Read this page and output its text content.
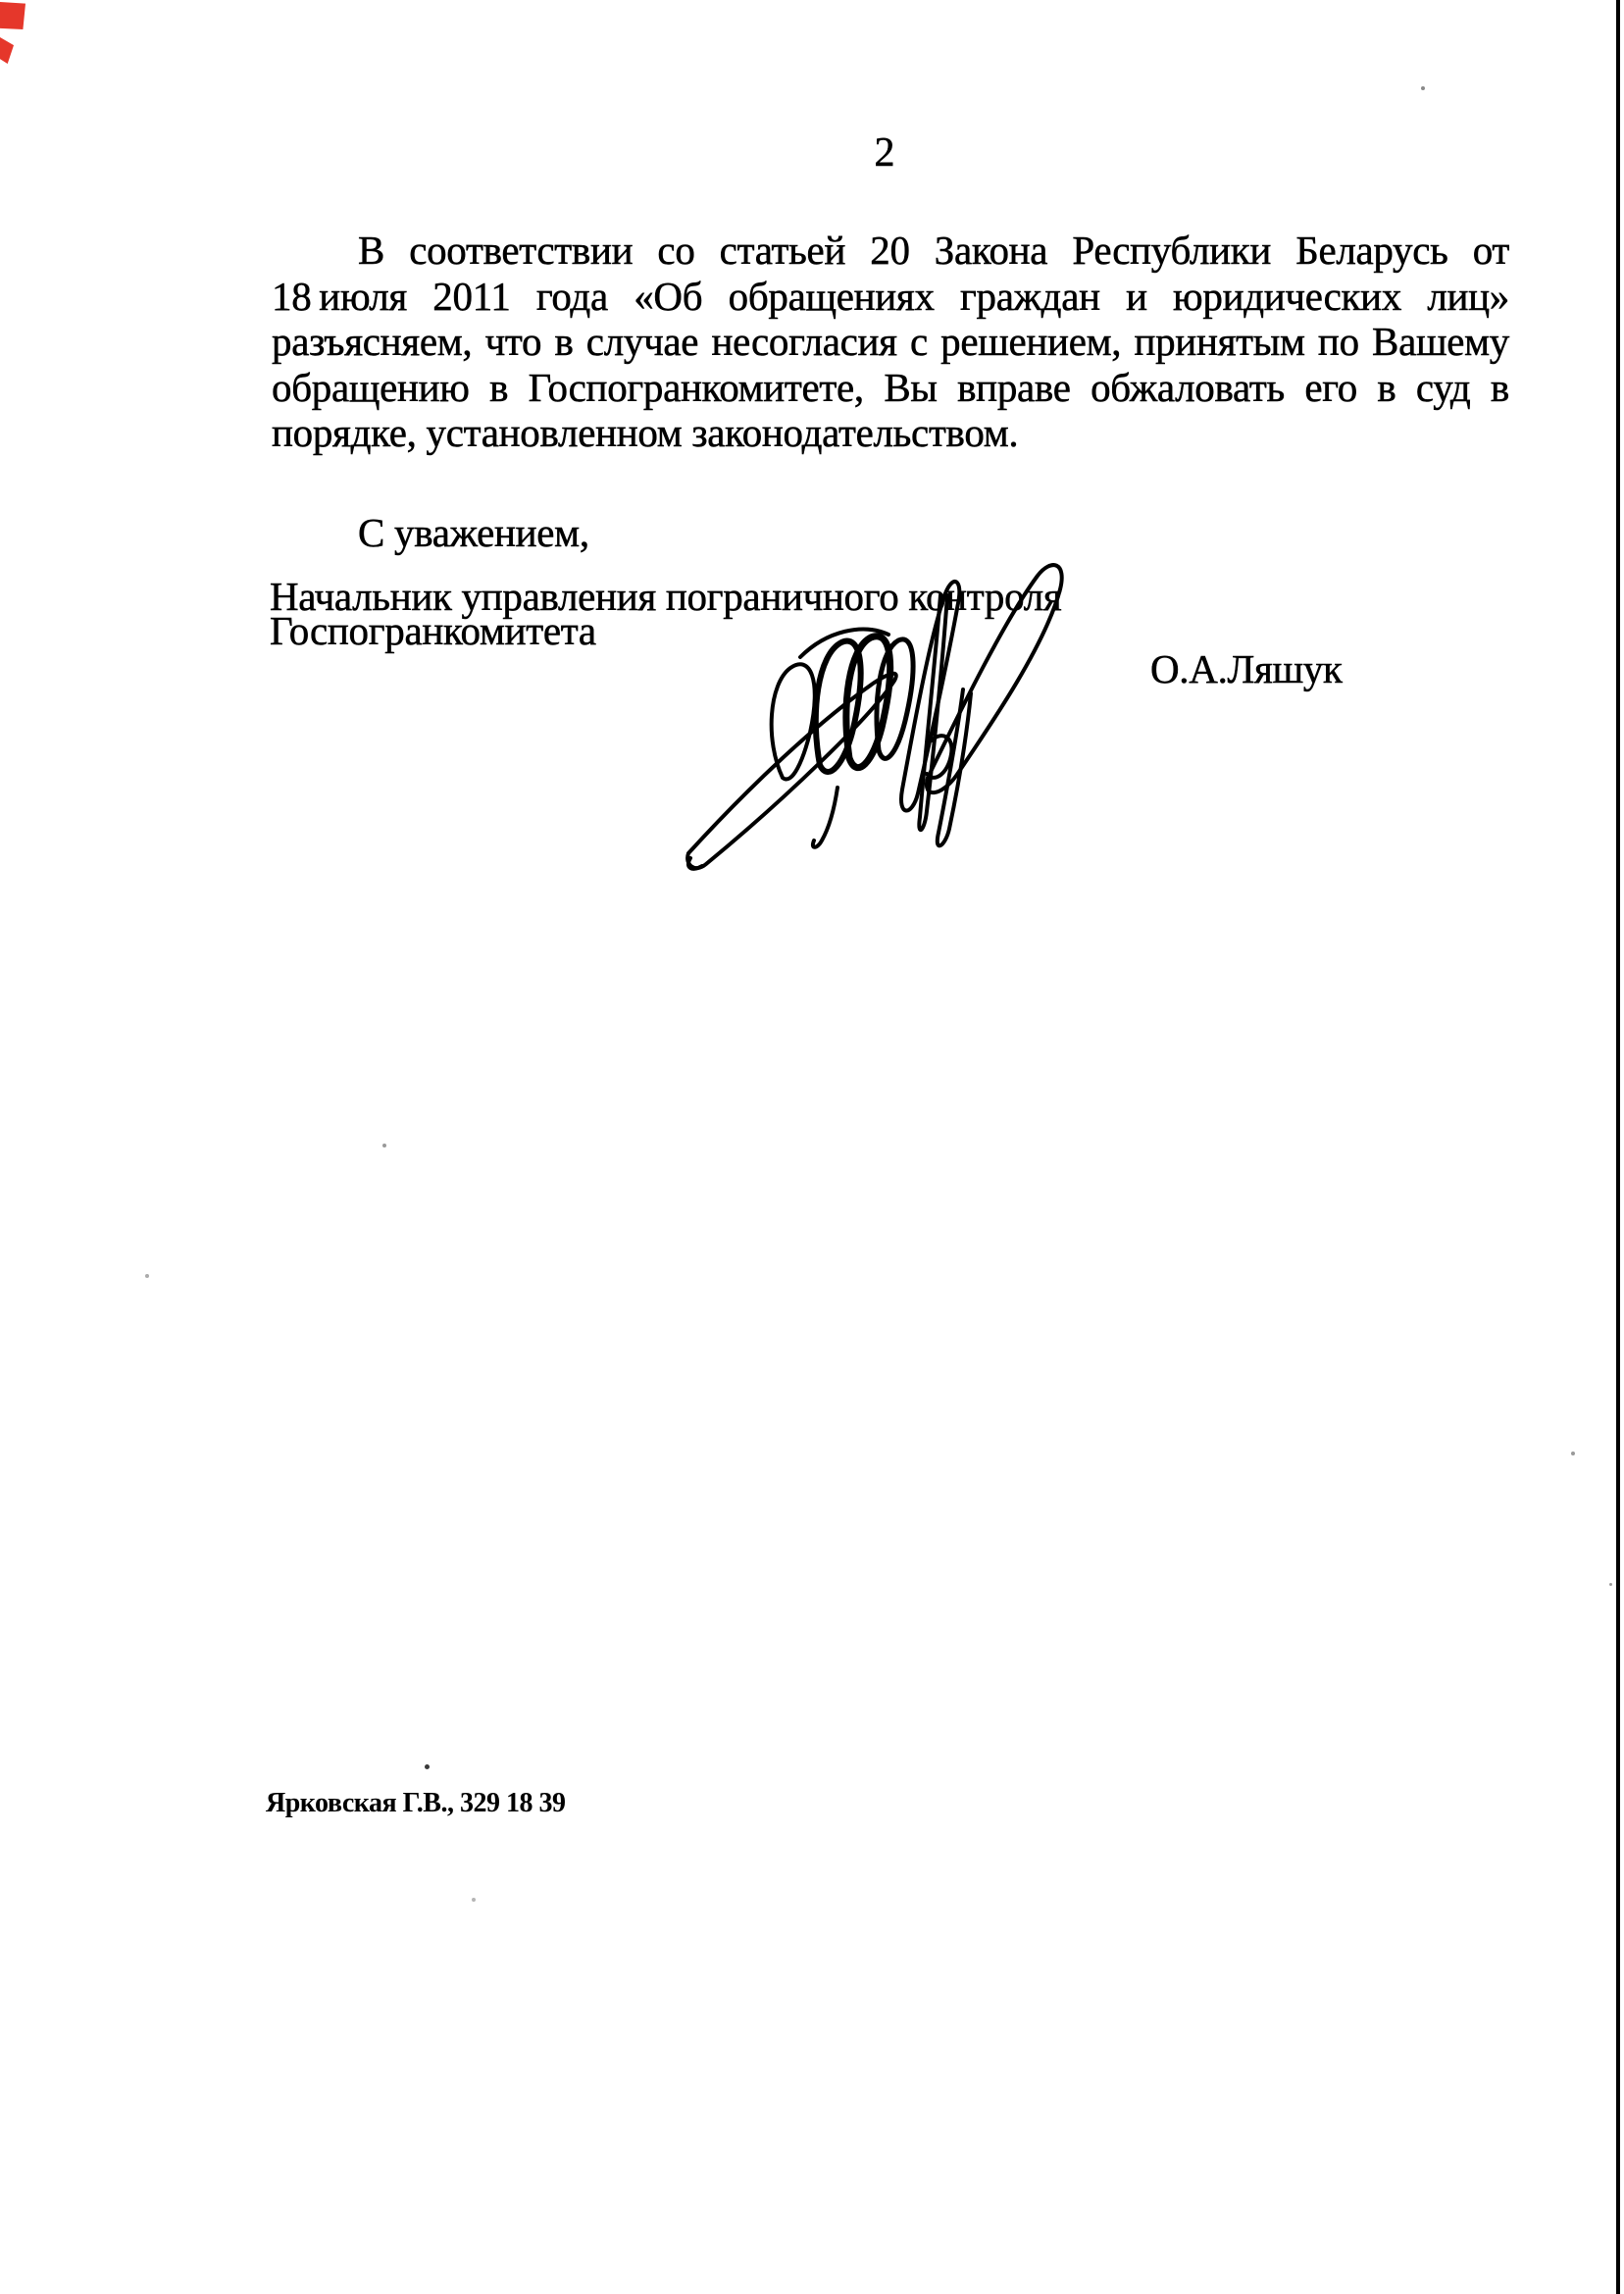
2
В соответствии со статьей 20 Закона Республики Беларусь от
18 июля 2011 года «Об обращениях граждан и юридических лиц»
разъясняем, что в случае несогласия с решением, принятым по Вашему
обращению в Госпогранкомитете, Вы вправе обжаловать его в суд в
порядке, установленном законодательством.
С уважением,
Начальник управления пограничного контроля
Госпогранкомитета
О.А.Ляшук
Ярковская Г.В., 329 18 39
